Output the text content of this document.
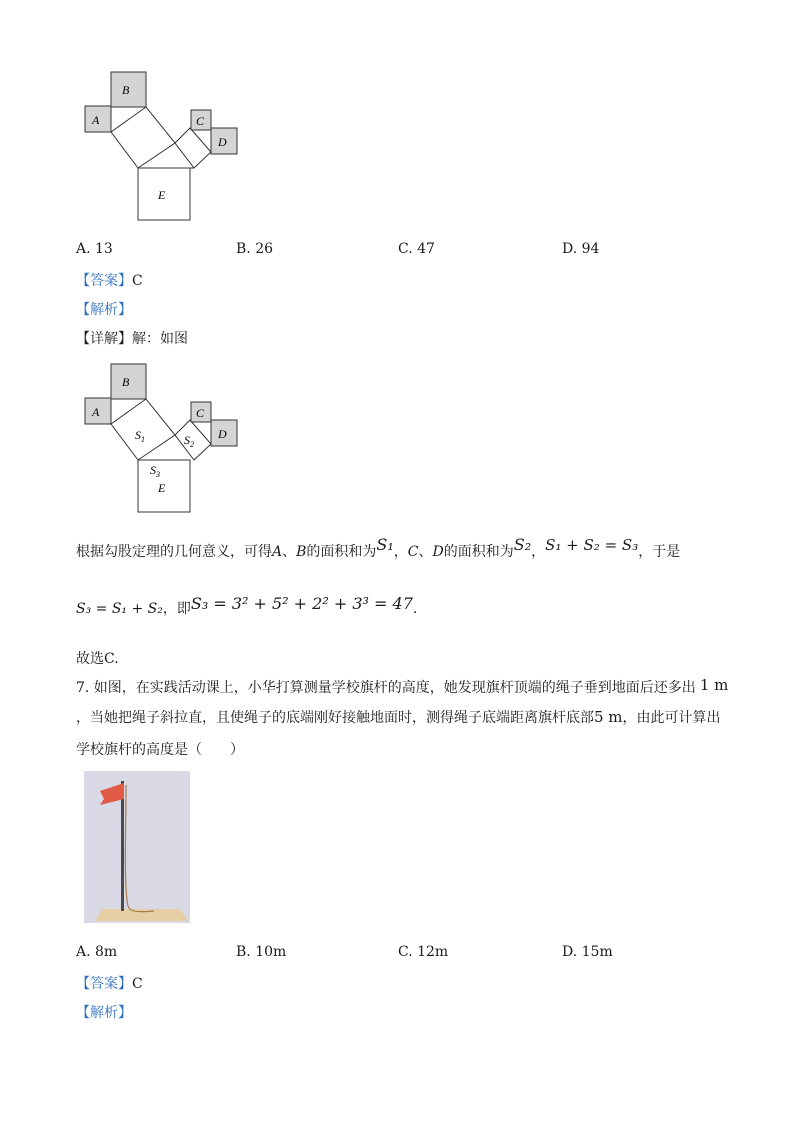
A
B
C
D
E
A. 13	B. 26	C. 47	D. 94
【答案】C
【解析】
【详解】解：如图
A
B
C
D
E
$S_1$	$S_2$
$S_3$
根据勾股定理的几何意义，可得A、B的面积和为S₁，C、D的面积和为S₂，S₁ + S₂ = S₃，于是
S₃ = S₁ + S₂，即S₃ = 3² + 5² + 2² + 3³ = 47.
故选C.
7. 如图，在实践活动课上，小华打算测量学校旗杆的高度，她发现旗杆顶端的绳子垂到地面后还多出 1 m
，当她把绳子斜拉直，且使绳子的底端刚好接触地面时，测得绳子底端距离旗杆底部5 m，由此可计算出
学校旗杆的高度是（　　）
A. 8m	B. 10m	C. 12m	D. 15m
【答案】C
【解析】
